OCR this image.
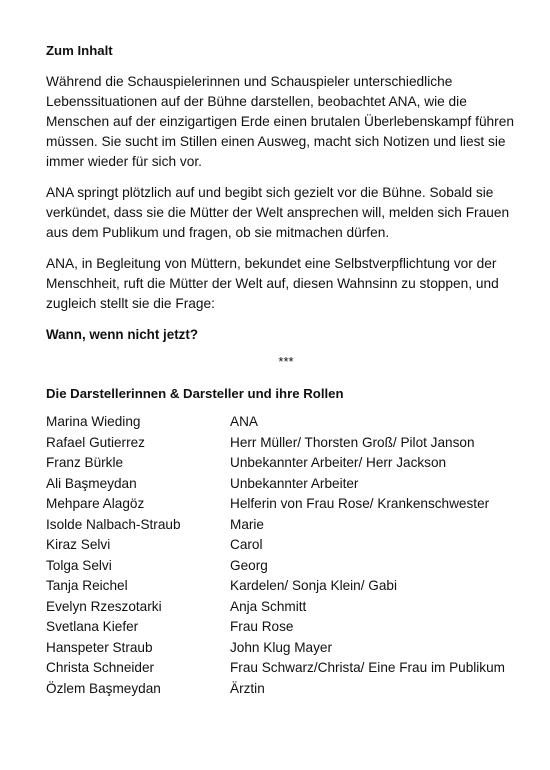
Zum Inhalt

Während die Schauspielerinnen und Schauspieler unterschiedliche Lebenssituationen auf der Bühne darstellen, beobachtet ANA, wie die Menschen auf der einzigartigen Erde einen brutalen Überlebenskampf führen müssen. Sie sucht im Stillen einen Ausweg, macht sich Notizen und liest sie immer wieder für sich vor.

ANA springt plötzlich auf und begibt sich gezielt vor die Bühne. Sobald sie verkündet, dass sie die Mütter der Welt ansprechen will, melden sich Frauen aus dem Publikum und fragen, ob sie mitmachen dürfen.

ANA, in Begleitung von Müttern, bekundet eine Selbstverpflichtung vor der Menschheit, ruft die Mütter der Welt auf, diesen Wahnsinn zu stoppen, und zugleich stellt sie die Frage:

Wann, wenn nicht jetzt?
***
Die Darstellerinnen & Darsteller und ihre Rollen
Marina Wieding	ANA
Rafael Gutierrez	Herr Müller/ Thorsten Groß/ Pilot Janson
Franz Bürkle	Unbekannter Arbeiter/ Herr Jackson
Ali Başmeydan	Unbekannter Arbeiter
Mehpare Alagöz	Helferin von Frau Rose/ Krankenschwester
Isolde Nalbach-Straub	Marie
Kiraz Selvi	Carol
Tolga Selvi	Georg
Tanja Reichel	Kardelen/ Sonja Klein/ Gabi
Evelyn Rzeszotarki	Anja Schmitt
Svetlana Kiefer	Frau Rose
Hanspeter Straub	John Klug Mayer
Christa Schneider	Frau Schwarz/Christa/ Eine Frau im Publikum
Özlem Başmeydan	Ärztin
